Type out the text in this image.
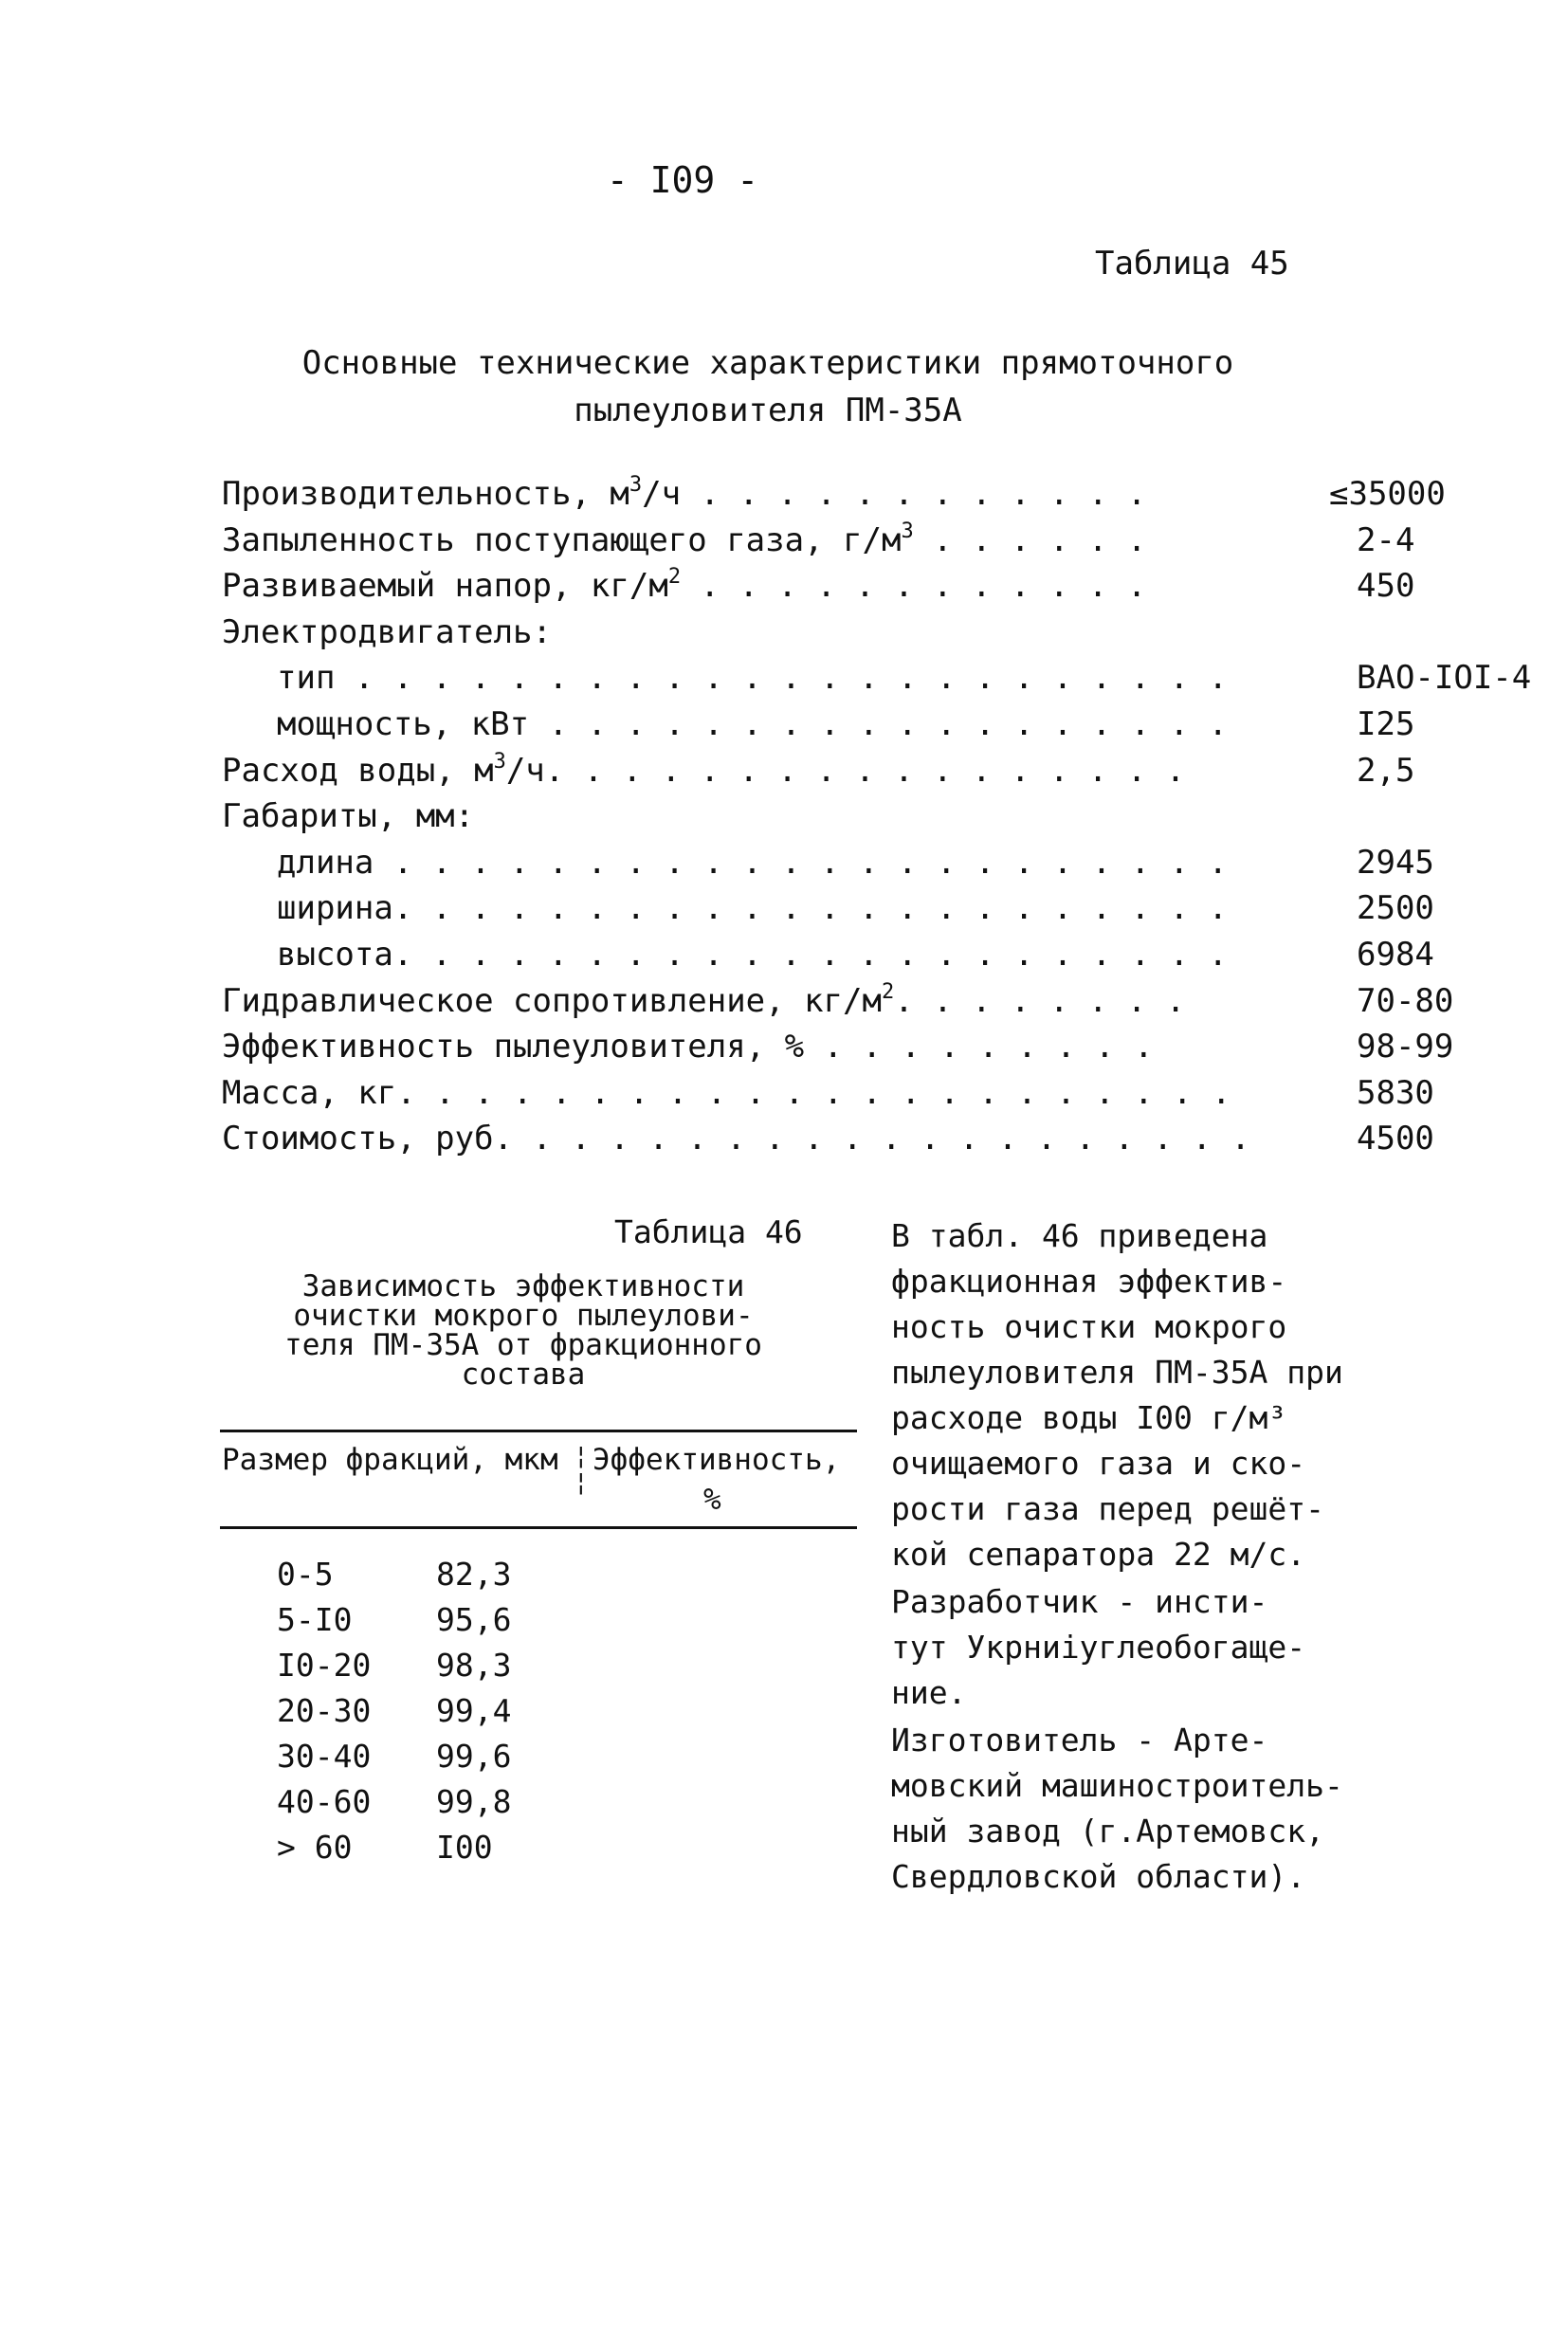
- I09 -
Таблица 45
Основные технические характеристики прямоточного
пылеуловителя ПМ-35А
Производительность, $м^3/ч$ . . . . . . . . . . . .	≤35000
Запыленность поступающего газа, $г/м^3$ . . . . . .	2-4
Развиваемый напор, $кг/м^2$ . . . . . . . . . . . .	450
Электродвигатель:
тип . . . . . . . . . . . . . . . . . . . . . . .	ВАО-IOI-4
мощность, кВт . . . . . . . . . . . . . . . . . .	I25
Расход воды, $м^3/ч$. . . . . . . . . . . . . . . . .	2,5
Габариты, мм:
длина . . . . . . . . . . . . . . . . . . . . . .	2945
ширина. . . . . . . . . . . . . . . . . . . . . .	2500
высота. . . . . . . . . . . . . . . . . . . . . .	6984
Гидравлическое сопротивление, $кг/м^2$. . . . . . . .	70-80
Эффективность пылеуловителя, % . . . . . . . . .	98-99
Масса, кг. . . . . . . . . . . . . . . . . . . . . .	5830
Стоимость, руб. . . . . . . . . . . . . . . . . . . .	4500
Таблица 46
Зависимость эффективности
очистки мокрого пылеулови-
теля ПМ-35А от фракционного
состава
Размер фракций, мкм ¦
¦
Эффективность,
%
0-5	82,3
5-I0	95,6
I0-20 98,3
20-30 99,4
30-40 99,6
40-60 99,8
> 60	I00

В табл. 46 приведена
фракционная эффектив-
ность очистки мокрого
пылеуловителя ПМ-35А при
расходе воды I00 г/м³
очищаемого газа и ско-
рости газа перед решёт-
кой сепаратора 22 м/с.

Разработчик - инсти-
тут Укрниiуглеобогаще-
ние.

Изготовитель - Арте-
мовский машиностроитель-
ный завод (г.Артемовск,
Свердловской области).
